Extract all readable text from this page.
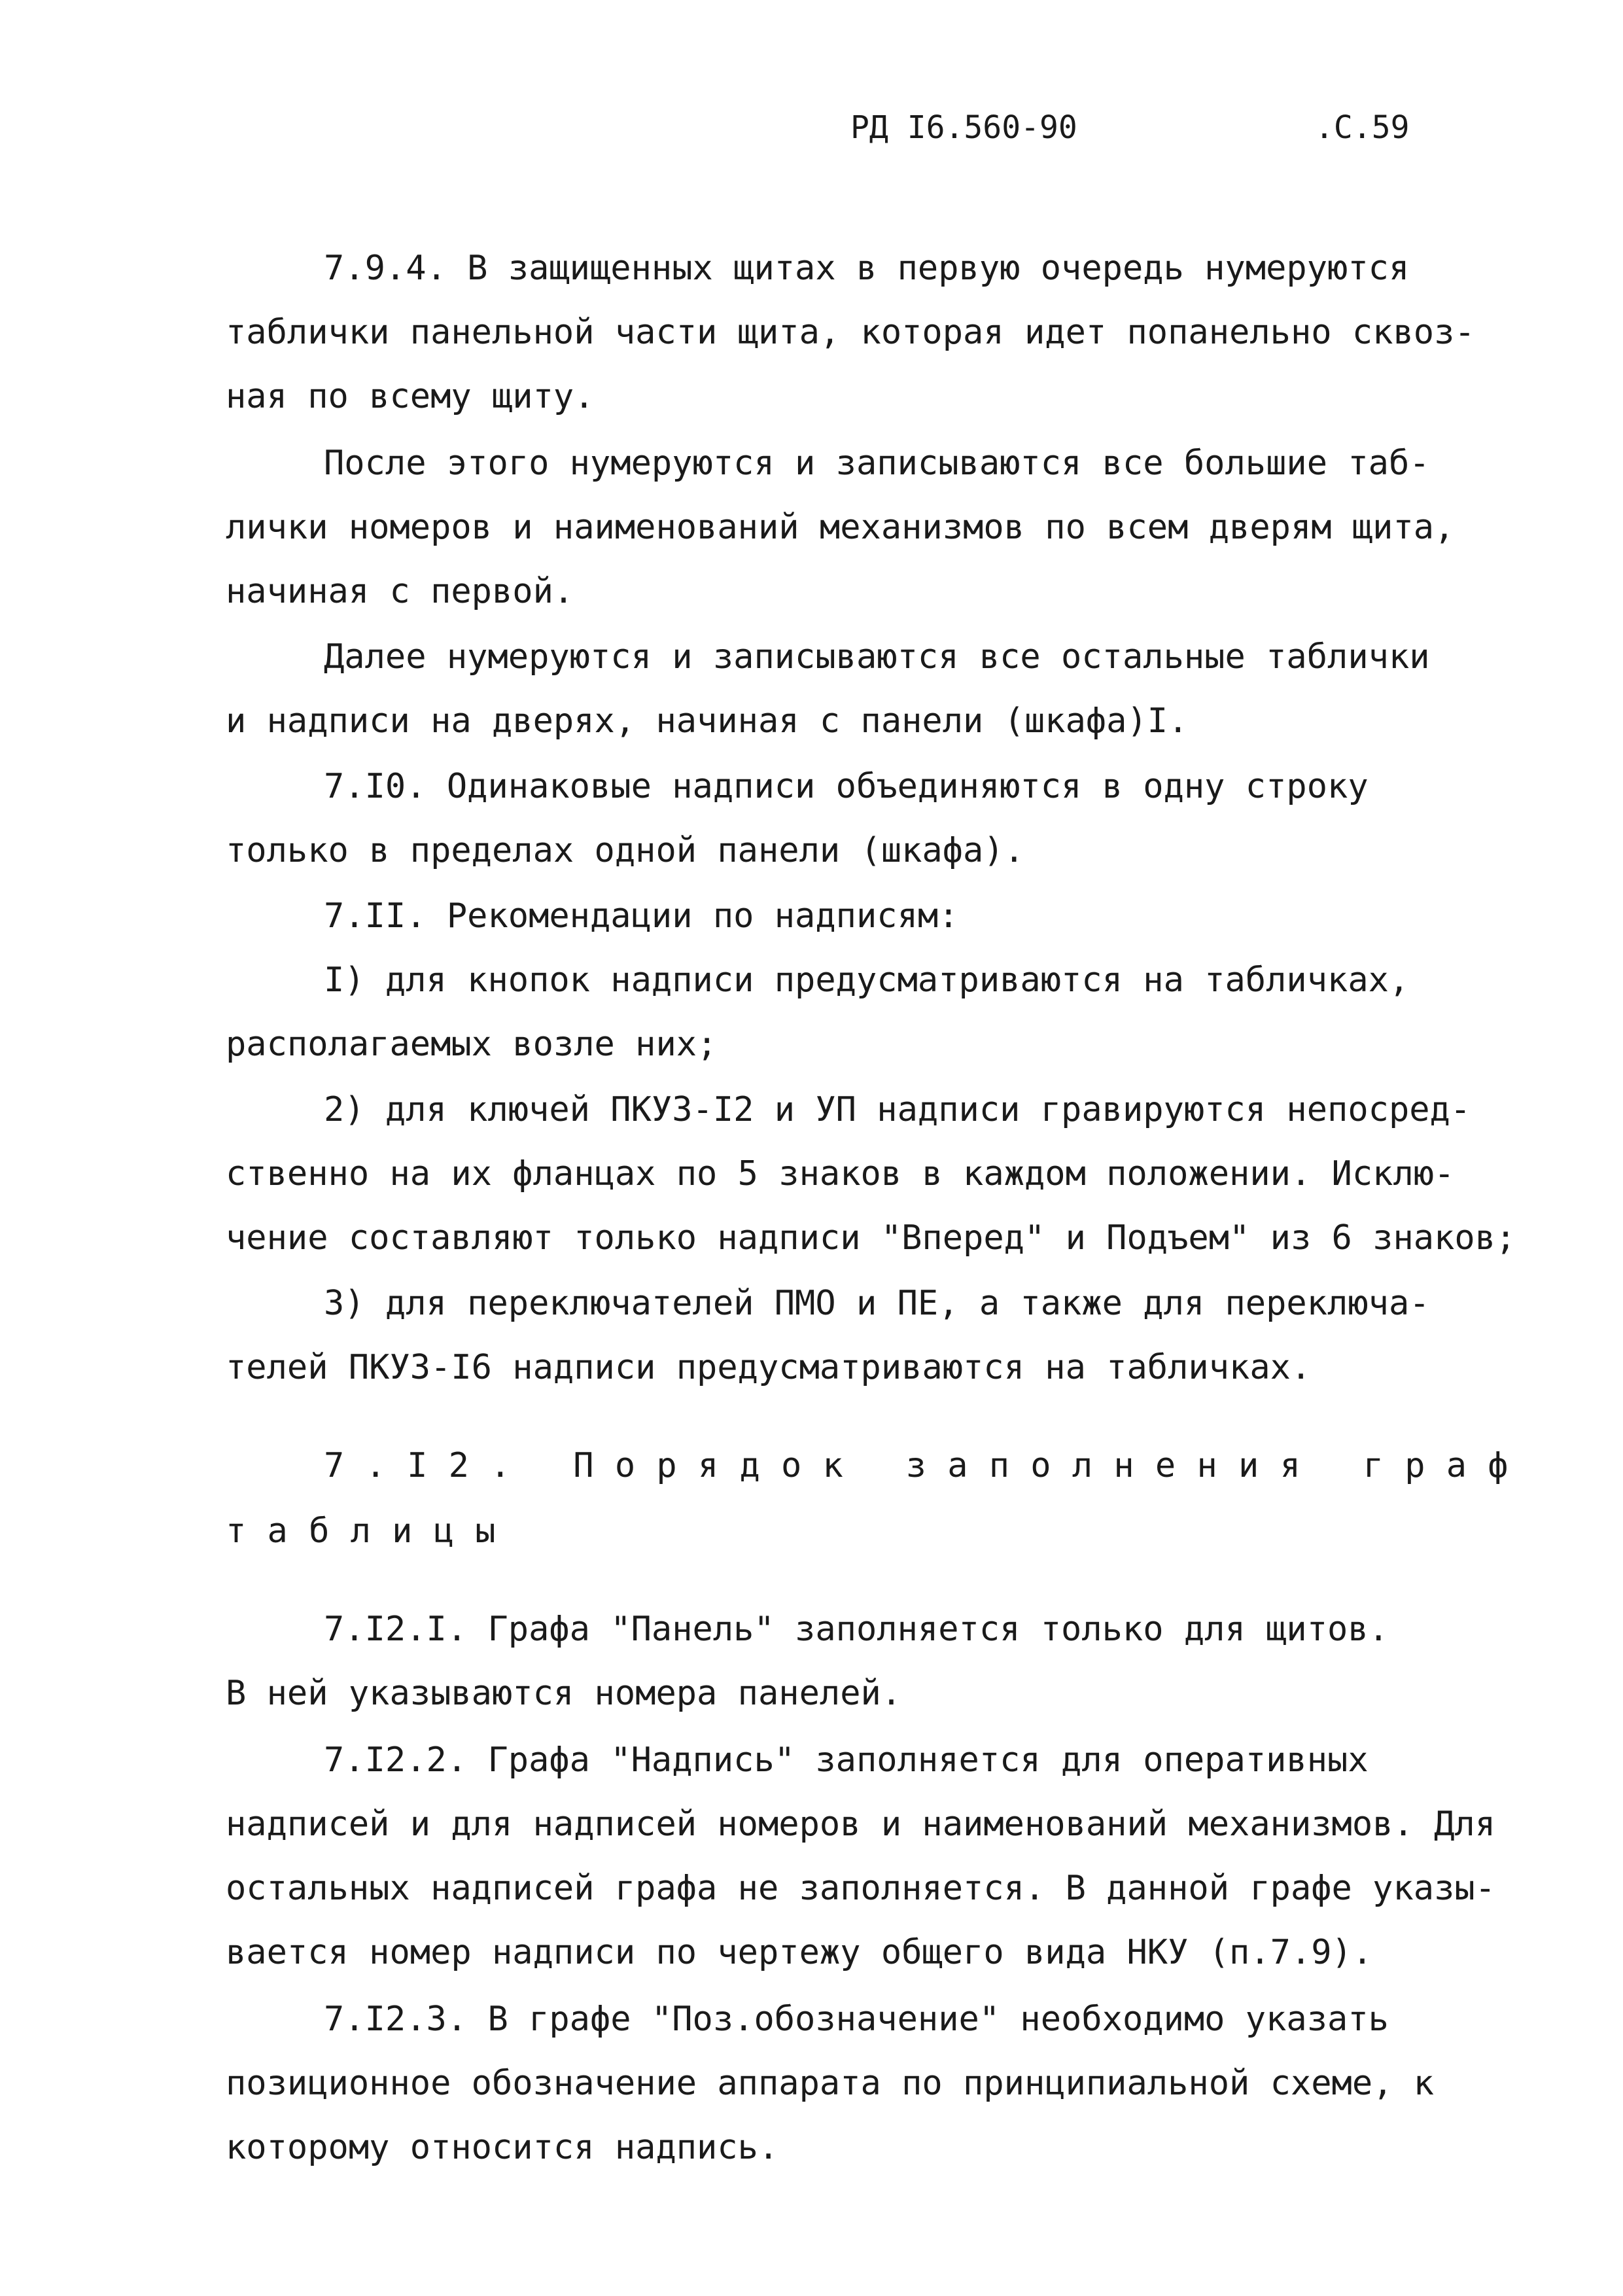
РД I6.560-90	.С.59
7.9.4. В защищенных щитах в первую очередь нумеруются
таблички панельной части щита, которая идет попанельно сквоз-
ная по всему щиту.
После этого нумеруются и записываются все большие таб-
лички номеров и наименований механизмов по всем дверям щита,
начиная с первой.
Далее нумеруются и записываются все остальные таблички
и надписи на дверях, начиная с панели (шкафа)I.
7.I0. Одинаковые надписи объединяются в одну строку
только в пределах одной панели (шкафа).
7.II. Рекомендации по надписям:
I) для кнопок надписи предусматриваются на табличках,
располагаемых возле них;
2) для ключей ПКУЗ-I2 и УП надписи гравируются непосред-
ственно на их фланцах по 5 знаков в каждом положении. Исклю-
чение составляют только надписи "Вперед" и Подъем" из 6 знаков;
3) для переключателей ПМО и ПЕ, а также для переключа-
телей ПКУЗ-I6 надписи предусматриваются на табличках.
7.I2. Порядок заполнения граф
таблицы
7.I2.I. Графа "Панель" заполняется только для щитов.
В ней указываются номера панелей.
7.I2.2. Графа "Надпись" заполняется для оперативных
надписей и для надписей номеров и наименований механизмов. Для
остальных надписей графа не заполняется. В данной графе указы-
вается номер надписи по чертежу общего вида НКУ (п.7.9).
7.I2.3. В графе "Поз.обозначение" необходимо указать
позиционное обозначение аппарата по принципиальной схеме, к
которому относится надпись.
